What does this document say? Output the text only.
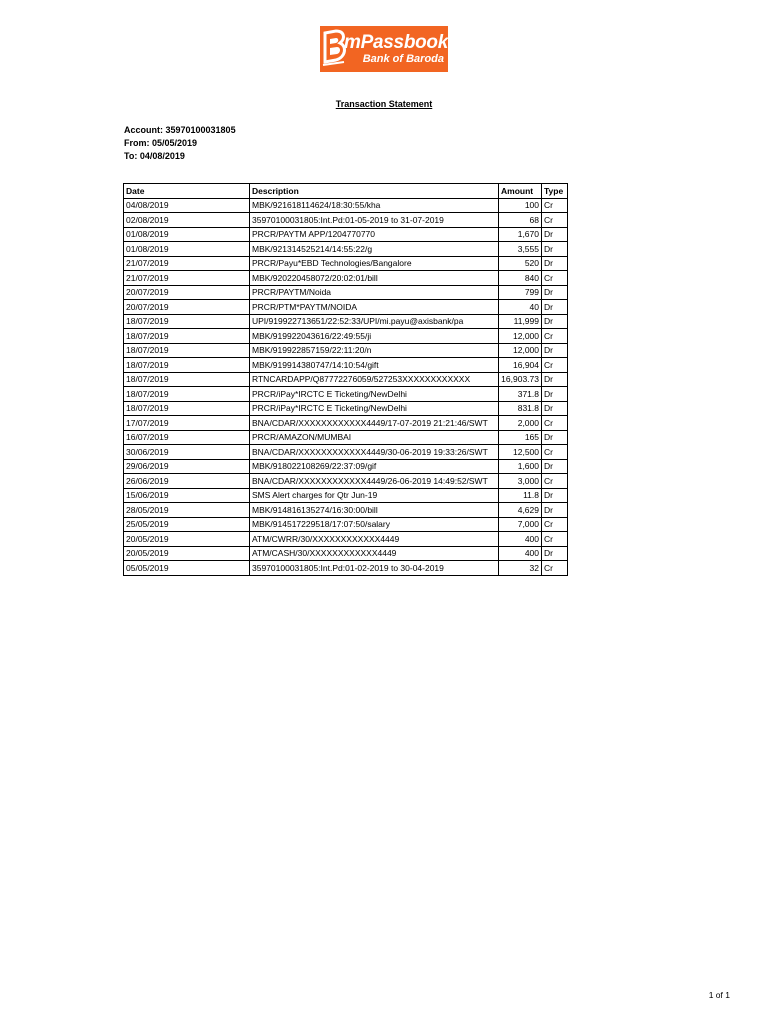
mPassbook
Bank of Baroda
Transaction Statement
Account: 35970100031805
From: 05/05/2019
To: 04/08/2019
Date	Description	Amount	Type
04/08/2019	MBK/921618114624/18:30:55/kha	100	Cr
02/08/2019	35970100031805:Int.Pd:01-05-2019 to 31-07-2019	68	Cr
01/08/2019	PRCR/PAYTM APP/1204770770	1,670	Dr
01/08/2019	MBK/921314525214/14:55:22/g	3,555	Dr
21/07/2019	PRCR/Payu*EBD Technologies/Bangalore	520	Dr
21/07/2019	MBK/920220458072/20:02:01/bill	840	Cr
20/07/2019	PRCR/PAYTM/Noida	799	Dr
20/07/2019	PRCR/PTM*PAYTM/NOIDA	40	Dr
18/07/2019	UPI/919922713651/22:52:33/UPI/mi.payu@axisbank/pa	11,999	Dr
18/07/2019	MBK/919922043616/22:49:55/ji	12,000	Cr
18/07/2019	MBK/919922857159/22:11:20/n	12,000	Dr
18/07/2019	MBK/919914380747/14:10:54/gift	16,904	Cr
18/07/2019	RTNCARDAPP/Q87772276059/527253XXXXXXXXXXXX	16,903.73	Dr
18/07/2019	PRCR/iPay*IRCTC E Ticketing/NewDelhi	371.8	Dr
18/07/2019	PRCR/iPay*IRCTC E Ticketing/NewDelhi	831.8	Dr
17/07/2019	BNA/CDAR/XXXXXXXXXXXX4449/17-07-2019 21:21:46/SWT	2,000	Cr
16/07/2019	PRCR/AMAZON/MUMBAI	165	Dr
30/06/2019	BNA/CDAR/XXXXXXXXXXXX4449/30-06-2019 19:33:26/SWT	12,500	Cr
29/06/2019	MBK/918022108269/22:37:09/gif	1,600	Dr
26/06/2019	BNA/CDAR/XXXXXXXXXXXX4449/26-06-2019 14:49:52/SWT	3,000	Cr
15/06/2019	SMS Alert charges for Qtr Jun-19	11.8	Dr
28/05/2019	MBK/914816135274/16:30:00/bill	4,629	Dr
25/05/2019	MBK/914517229518/17:07:50/salary	7,000	Cr
20/05/2019	ATM/CWRR/30/XXXXXXXXXXXX4449	400	Cr
20/05/2019	ATM/CASH/30/XXXXXXXXXXXX4449	400	Dr
05/05/2019	35970100031805:Int.Pd:01-02-2019 to 30-04-2019	32	Cr
1 of 1
